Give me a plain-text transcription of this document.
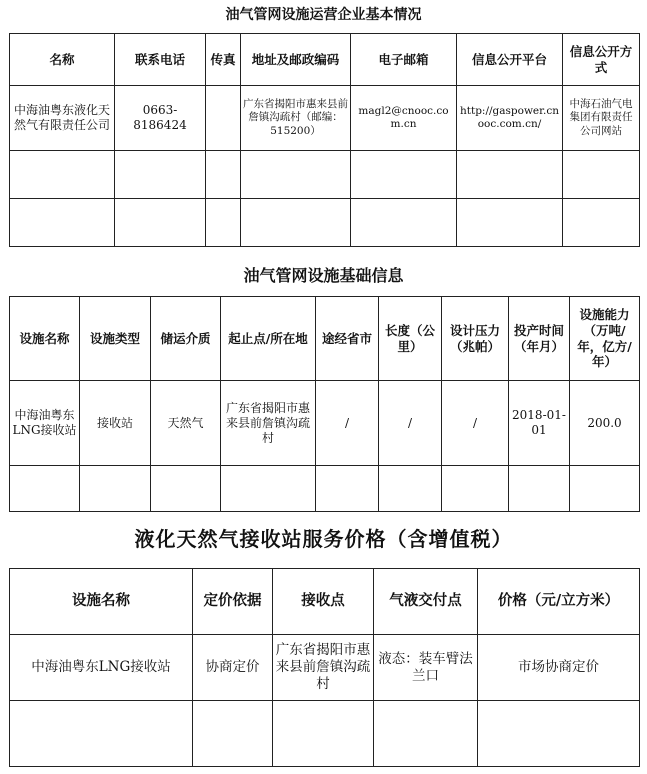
油气管网设施运营企业基本情况
名称	联系电话	传真	地址及邮政编码	电子邮箱	信息公开平台	信息公开方式
中海油粤东液化天然气有限责任公司	0663-8186424		广东省揭阳市惠来县前詹镇沟疏村（邮编：515200）	magl2@cnooc.com.cn	http://gaspower.cnooc.com.cn/	中海石油气电集团有限责任公司网站

油气管网设施基础信息
设施名称	设施类型	储运介质	起止点/所在地	途经省市	长度（公里）	设计压力（兆帕）	投产时间（年月）	设施能力（万吨/年，亿方/年）
中海油粤东LNG接收站	接收站	天然气	广东省揭阳市惠来县前詹镇沟疏村	/	/	/	2018-01-01	200.0

液化天然气接收站服务价格（含增值税）
设施名称	定价依据	接收点	气液交付点	价格（元/立方米）
中海油粤东LNG接收站	协商定价	广东省揭阳市惠来县前詹镇沟疏村	液态：装车臂法兰口	市场协商定价
